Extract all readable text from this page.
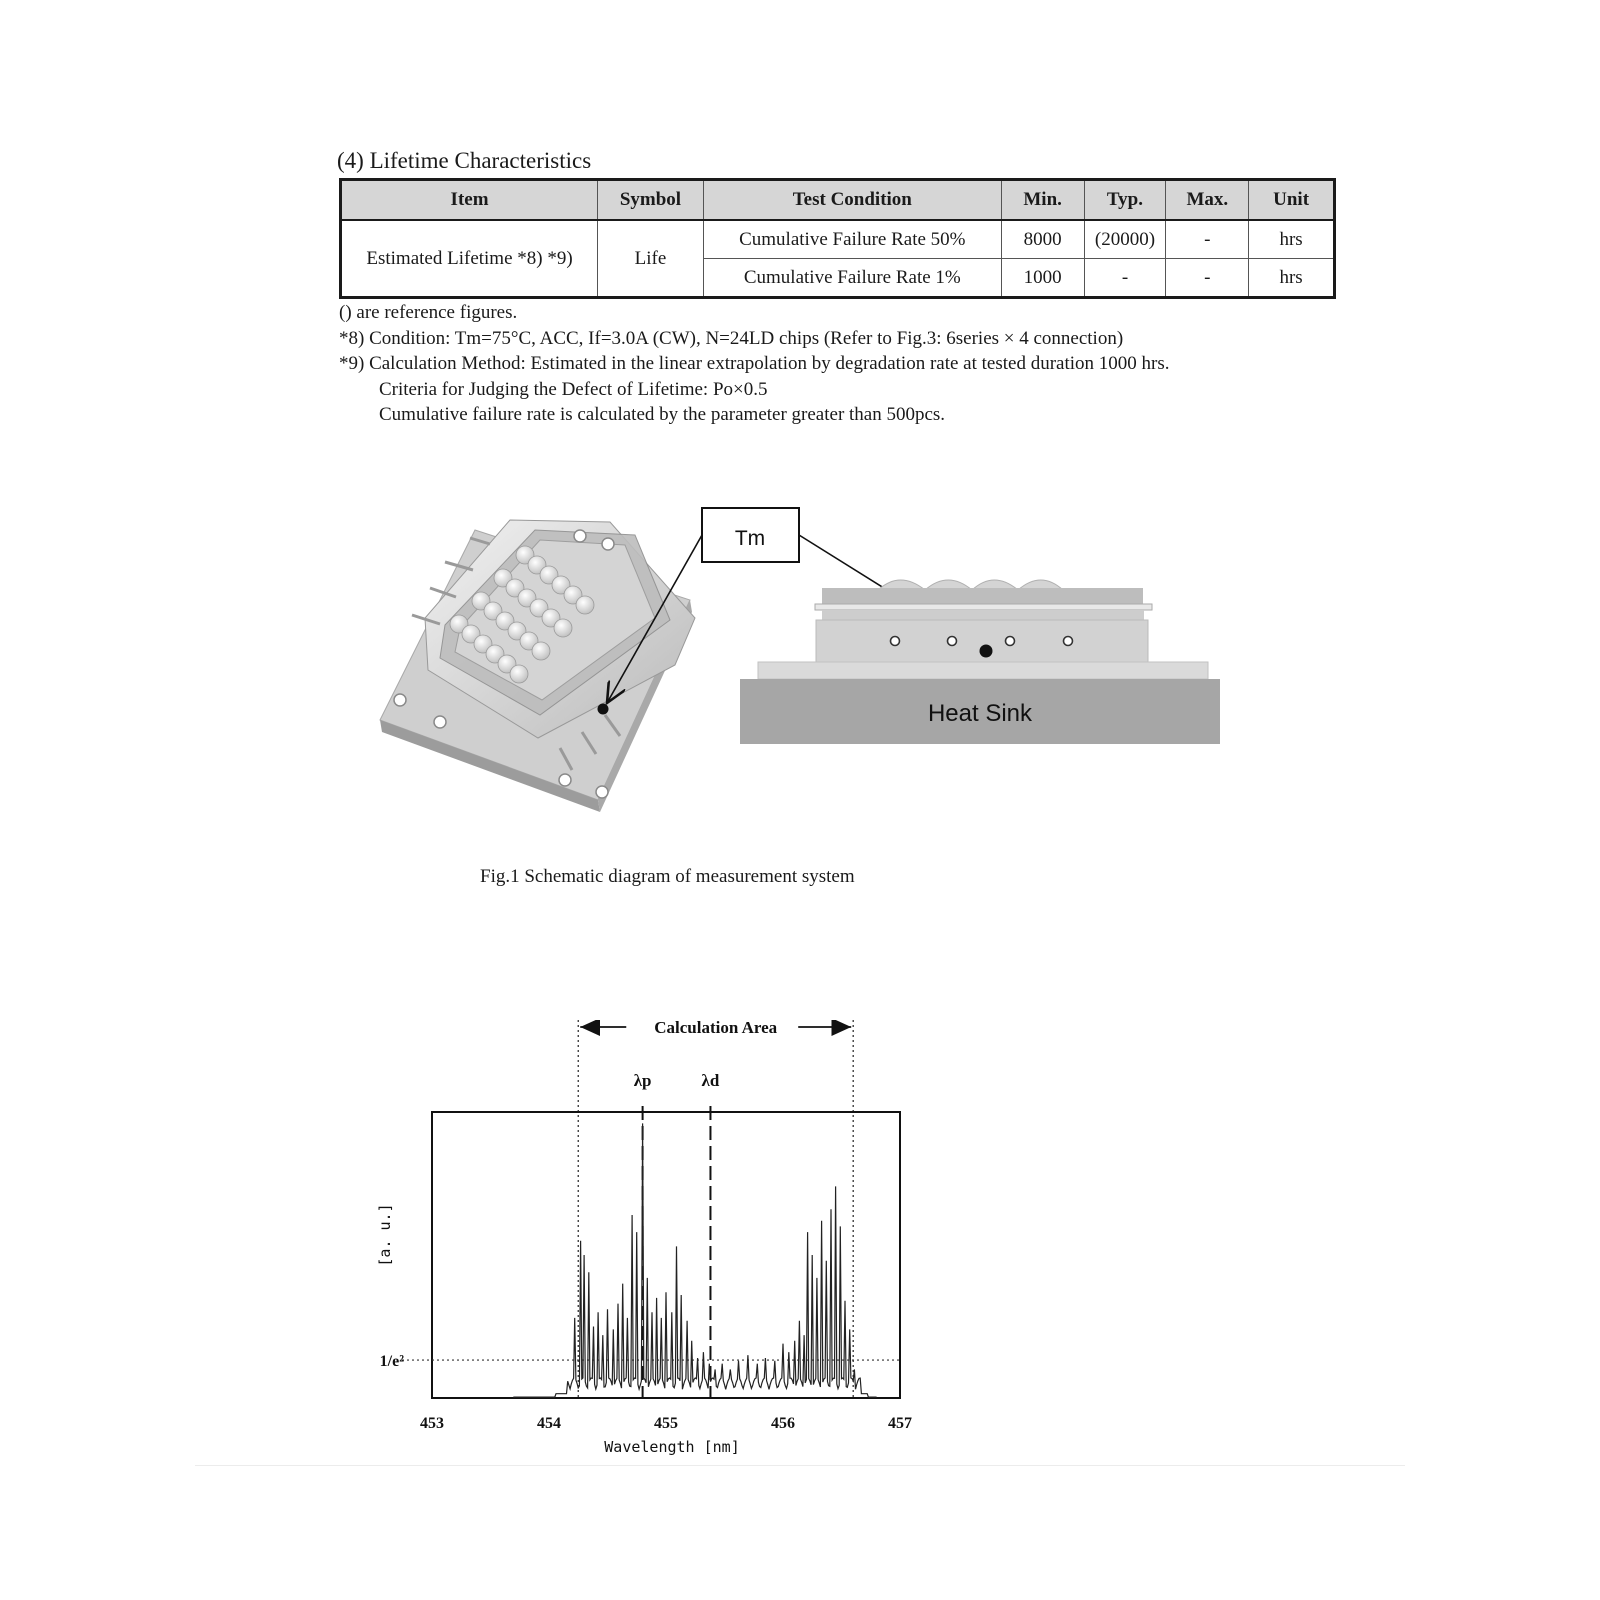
(4) Lifetime Characteristics
Item	Symbol	Test Condition	Min.	Typ.	Max.	Unit
Estimated Lifetime *8) *9)	Life	Cumulative Failure Rate 50%	8000	(20000)	-	hrs
		Cumulative Failure Rate 1%	1000	-	-	hrs
() are reference figures.
*8) Condition: Tm=75°C, ACC, If=3.0A (CW), N=24LD chips (Refer to Fig.3: 6series × 4 connection)
*9) Calculation Method: Estimated in the linear extrapolation by degradation rate at tested duration 1000 hrs.
Criteria for Judging the Defect of Lifetime: Po×0.5
Cumulative failure rate is calculated by the parameter greater than 500pcs.
Tm
Heat Sink
Fig.1 Schematic diagram of measurement system
Calculation Area
λp	λd
1/e²
[a. u.]
453	454	455	456	457
Wavelength [nm]
